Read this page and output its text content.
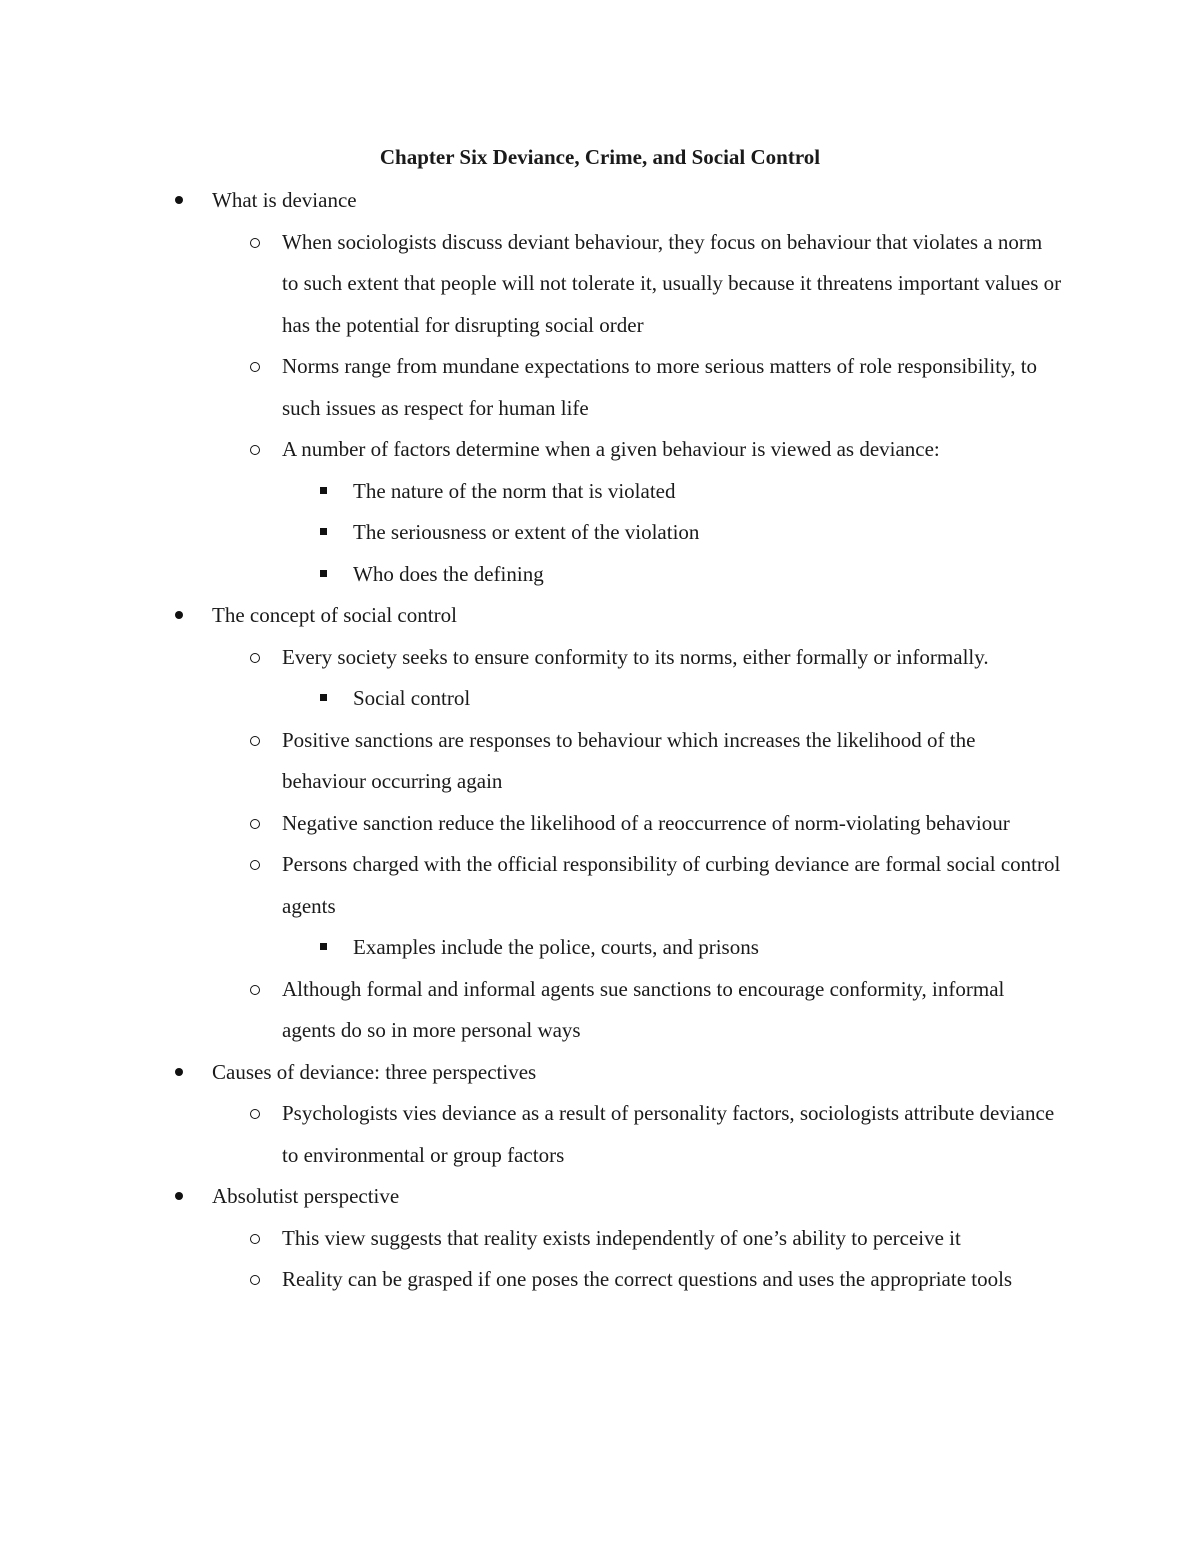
Chapter Six Deviance, Crime, and Social Control
What is deviance
When sociologists discuss deviant behaviour, they focus on behaviour that violates a norm to such extent that people will not tolerate it, usually because it threatens important values or has the potential for disrupting social order
Norms range from mundane expectations to more serious matters of role responsibility, to such issues as respect for human life
A number of factors determine when a given behaviour is viewed as deviance:
The nature of the norm that is violated
The seriousness or extent of the violation
Who does the defining
The concept of social control
Every society seeks to ensure conformity to its norms, either formally or informally.
Social control
Positive sanctions are responses to behaviour which increases the likelihood of the behaviour occurring again
Negative sanction reduce the likelihood of a reoccurrence of norm-violating behaviour
Persons charged with the official responsibility of curbing deviance are formal social control agents
Examples include the police, courts, and prisons
Although formal and informal agents sue sanctions to encourage conformity, informal agents do so in more personal ways
Causes of deviance: three perspectives
Psychologists vies deviance as a result of personality factors, sociologists attribute deviance to environmental or group factors
Absolutist perspective
This view suggests that reality exists independently of one’s ability to perceive it
Reality can be grasped if one poses the correct questions and uses the appropriate tools
